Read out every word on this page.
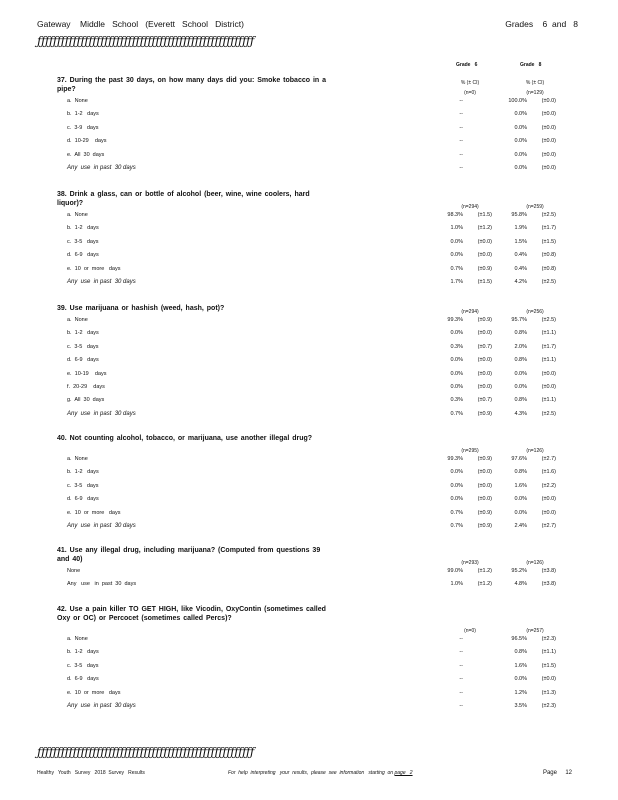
Gateway    Middle   School   (Everett   School   District)	Grades    6  and   8
ƒƒƒƒƒƒƒƒƒƒƒƒƒƒƒƒƒƒƒƒƒƒƒƒƒƒƒƒƒƒƒƒƒƒƒƒƒƒƒƒƒƒƒƒƒƒƒƒƒƒƒƒƒƒƒ
Grade   6	Grade   8
37. During the past 30 days, on how many days did you: Smoke tobacco in a pipe?
% (± CI)	% (± CI)
(n=0)	(n=129)
a.  None	--	100.0%	(±0.0)
b.  1-2   days	--	0.0%	(±0.0)
c.  3-9   days	--	0.0%	(±0.0)
d.  10-29    days	--	0.0%	(±0.0)
e.  All  30  days	--	0.0%	(±0.0)
Any  use  in past  30 days	--	0.0%	(±0.0)
38. Drink a glass, can or bottle of alcohol (beer, wine, wine coolers, hard liquor)?	(n=294)	(n=259)
a.  None	98.3%	(±1.5)	95.8%	(±2.5)
b.  1-2   days	1.0%	(±1.2)	1.9%	(±1.7)
c.  3-5   days	0.0%	(±0.0)	1.5%	(±1.5)
d.  6-9   days	0.0%	(±0.0)	0.4%	(±0.8)
e.  10  or  more   days	0.7%	(±0.9)	0.4%	(±0.8)
Any  use  in past  30 days	1.7%	(±1.5)	4.2%	(±2.5)
39. Use marijuana or hashish (weed, hash, pot)?	(n=294)	(n=256)
a.  None	99.3%	(±0.9)	95.7%	(±2.5)
b.  1-2   days	0.0%	(±0.0)	0.8%	(±1.1)
c.  3-5   days	0.3%	(±0.7)	2.0%	(±1.7)
d.  6-9   days	0.0%	(±0.0)	0.8%	(±1.1)
e.  10-19    days	0.0%	(±0.0)	0.0%	(±0.0)
f.  20-29    days	0.0%	(±0.0)	0.0%	(±0.0)
g.  All  30  days	0.3%	(±0.7)	0.8%	(±1.1)
Any  use  in past  30 days	0.7%	(±0.9)	4.3%	(±2.5)
40. Not counting alcohol, tobacco, or marijuana, use another illegal drug?
(n=295)	(n=126)
a.  None	99.3%	(±0.9)	97.6%	(±2.7)
b.  1-2   days	0.0%	(±0.0)	0.8%	(±1.6)
c.  3-5   days	0.0%	(±0.0)	1.6%	(±2.2)
d.  6-9   days	0.0%	(±0.0)	0.0%	(±0.0)
e.  10  or  more   days	0.7%	(±0.9)	0.0%	(±0.0)
Any  use  in past  30 days	0.7%	(±0.9)	2.4%	(±2.7)
41. Use any illegal drug, including marijuana? (Computed from questions 39 and 40)	(n=293)	(n=126)
None	99.0%	(±1.2)	95.2%	(±3.8)
Any   use   in  past  30  days	1.0%	(±1.2)	4.8%	(±3.8)
42. Use a pain killer TO GET HIGH, like Vicodin, OxyContin (sometimes called Oxy or OC) or Percocet (sometimes called Percs)?
(n=0)	(n=257)
a.  None	--	96.5%	(±2.3)
b.  1-2   days	--	0.8%	(±1.1)
c.  3-5   days	--	1.6%	(±1.5)
d.  6-9   days	--	0.0%	(±0.0)
e.  10  or  more   days	--	1.2%	(±1.3)
Any  use  in past  30 days	--	3.5%	(±2.3)
ƒƒƒƒƒƒƒƒƒƒƒƒƒƒƒƒƒƒƒƒƒƒƒƒƒƒƒƒƒƒƒƒƒƒƒƒƒƒƒƒƒƒƒƒƒƒƒƒƒƒƒƒƒƒƒ
Healthy   Youth   Survey   2018  Survey   Results	For  help  interpreting   your  results,  please  see  information   starting  on page   2	Page     12
